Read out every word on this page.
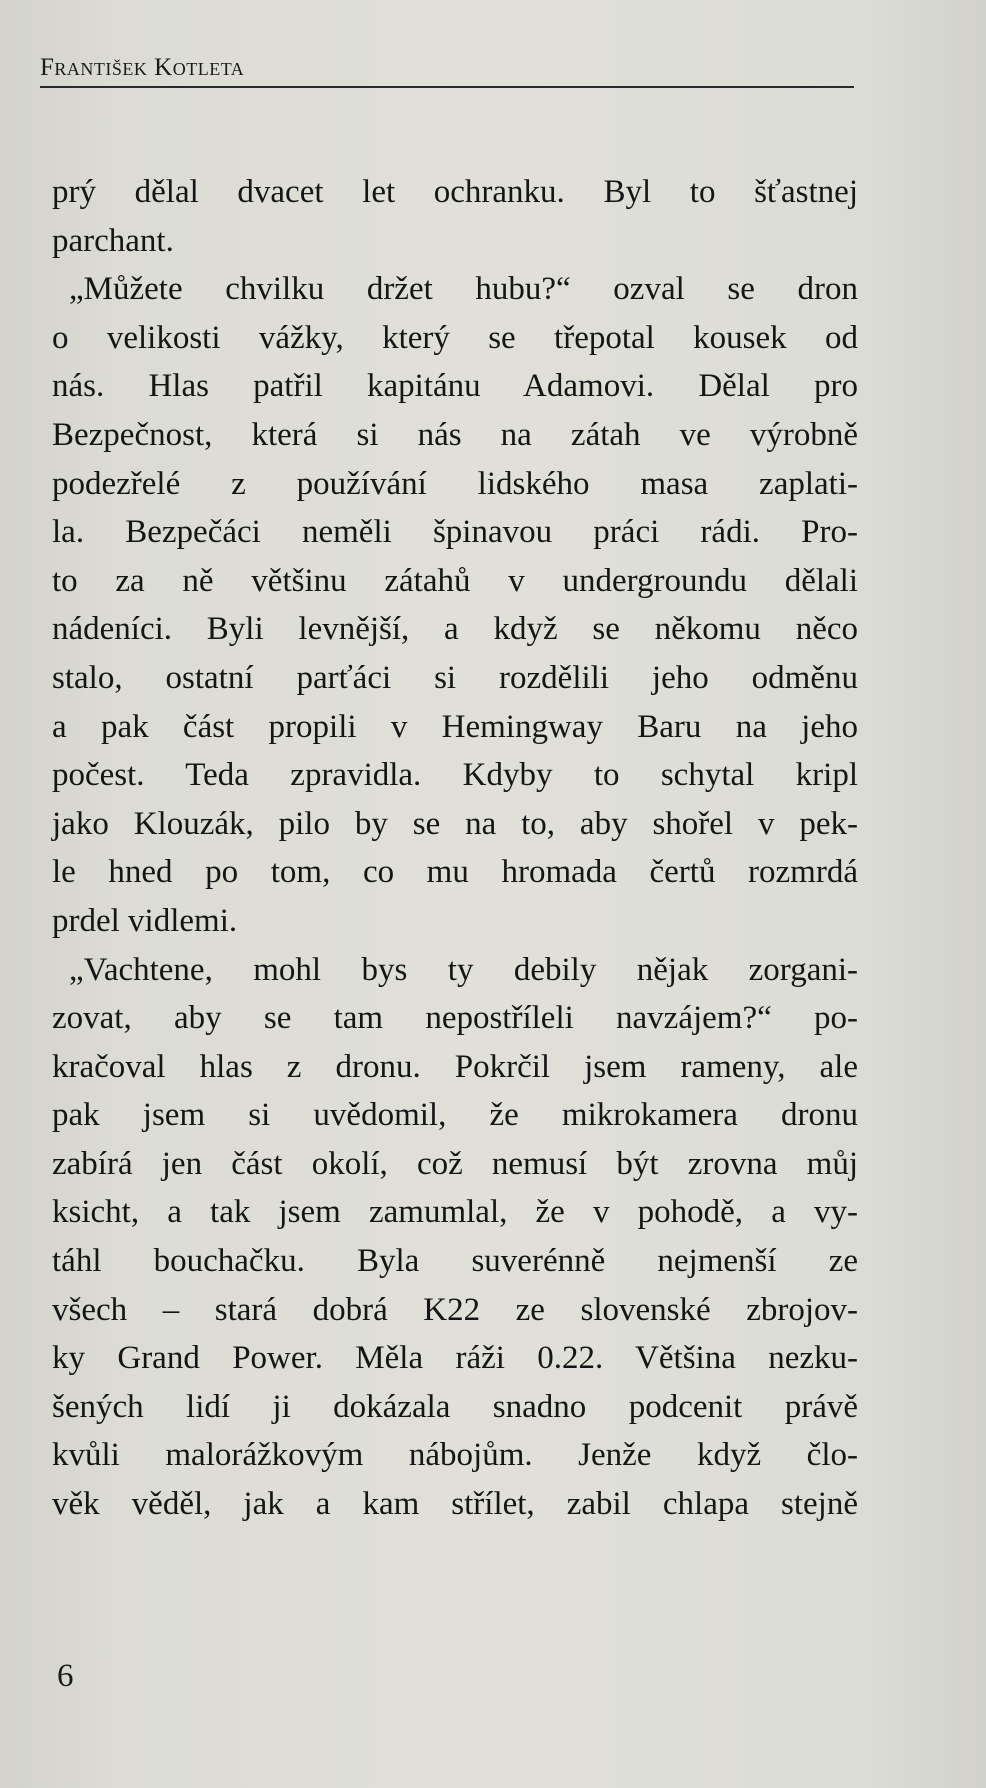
František Kotleta
prý dělal dvacet let ochranku. Byl to šťastnej
parchant.
„Můžete chvilku držet hubu?“ ozval se dron
o velikosti vážky, který se třepotal kousek od
nás. Hlas patřil kapitánu Adamovi. Dělal pro
Bezpečnost, která si nás na zátah ve výrobně
podezřelé z používání lidského masa zaplati-
la. Bezpečáci neměli špinavou práci rádi. Pro-
to za ně většinu zátahů v undergroundu dělali
nádeníci. Byli levnější, a když se někomu něco
stalo, ostatní parťáci si rozdělili jeho odměnu
a pak část propili v Hemingway Baru na jeho
počest. Teda zpravidla. Kdyby to schytal kripl
jako Klouzák, pilo by se na to, aby shořel v pek-
le hned po tom, co mu hromada čertů rozmrdá
prdel vidlemi.
„Vachtene, mohl bys ty debily nějak zorgani-
zovat, aby se tam nepostříleli navzájem?“ po-
kračoval hlas z dronu. Pokrčil jsem rameny, ale
pak jsem si uvědomil, že mikrokamera dronu
zabírá jen část okolí, což nemusí být zrovna můj
ksicht, a tak jsem zamumlal, že v pohodě, a vy-
táhl bouchačku. Byla suverénně nejmenší ze
všech – stará dobrá K22 ze slovenské zbrojov-
ky Grand Power. Měla ráži 0.22. Většina nezku-
šených lidí ji dokázala snadno podcenit právě
kvůli malorážkovým nábojům. Jenže když člo-
věk věděl, jak a kam střílet, zabil chlapa stejně
6
